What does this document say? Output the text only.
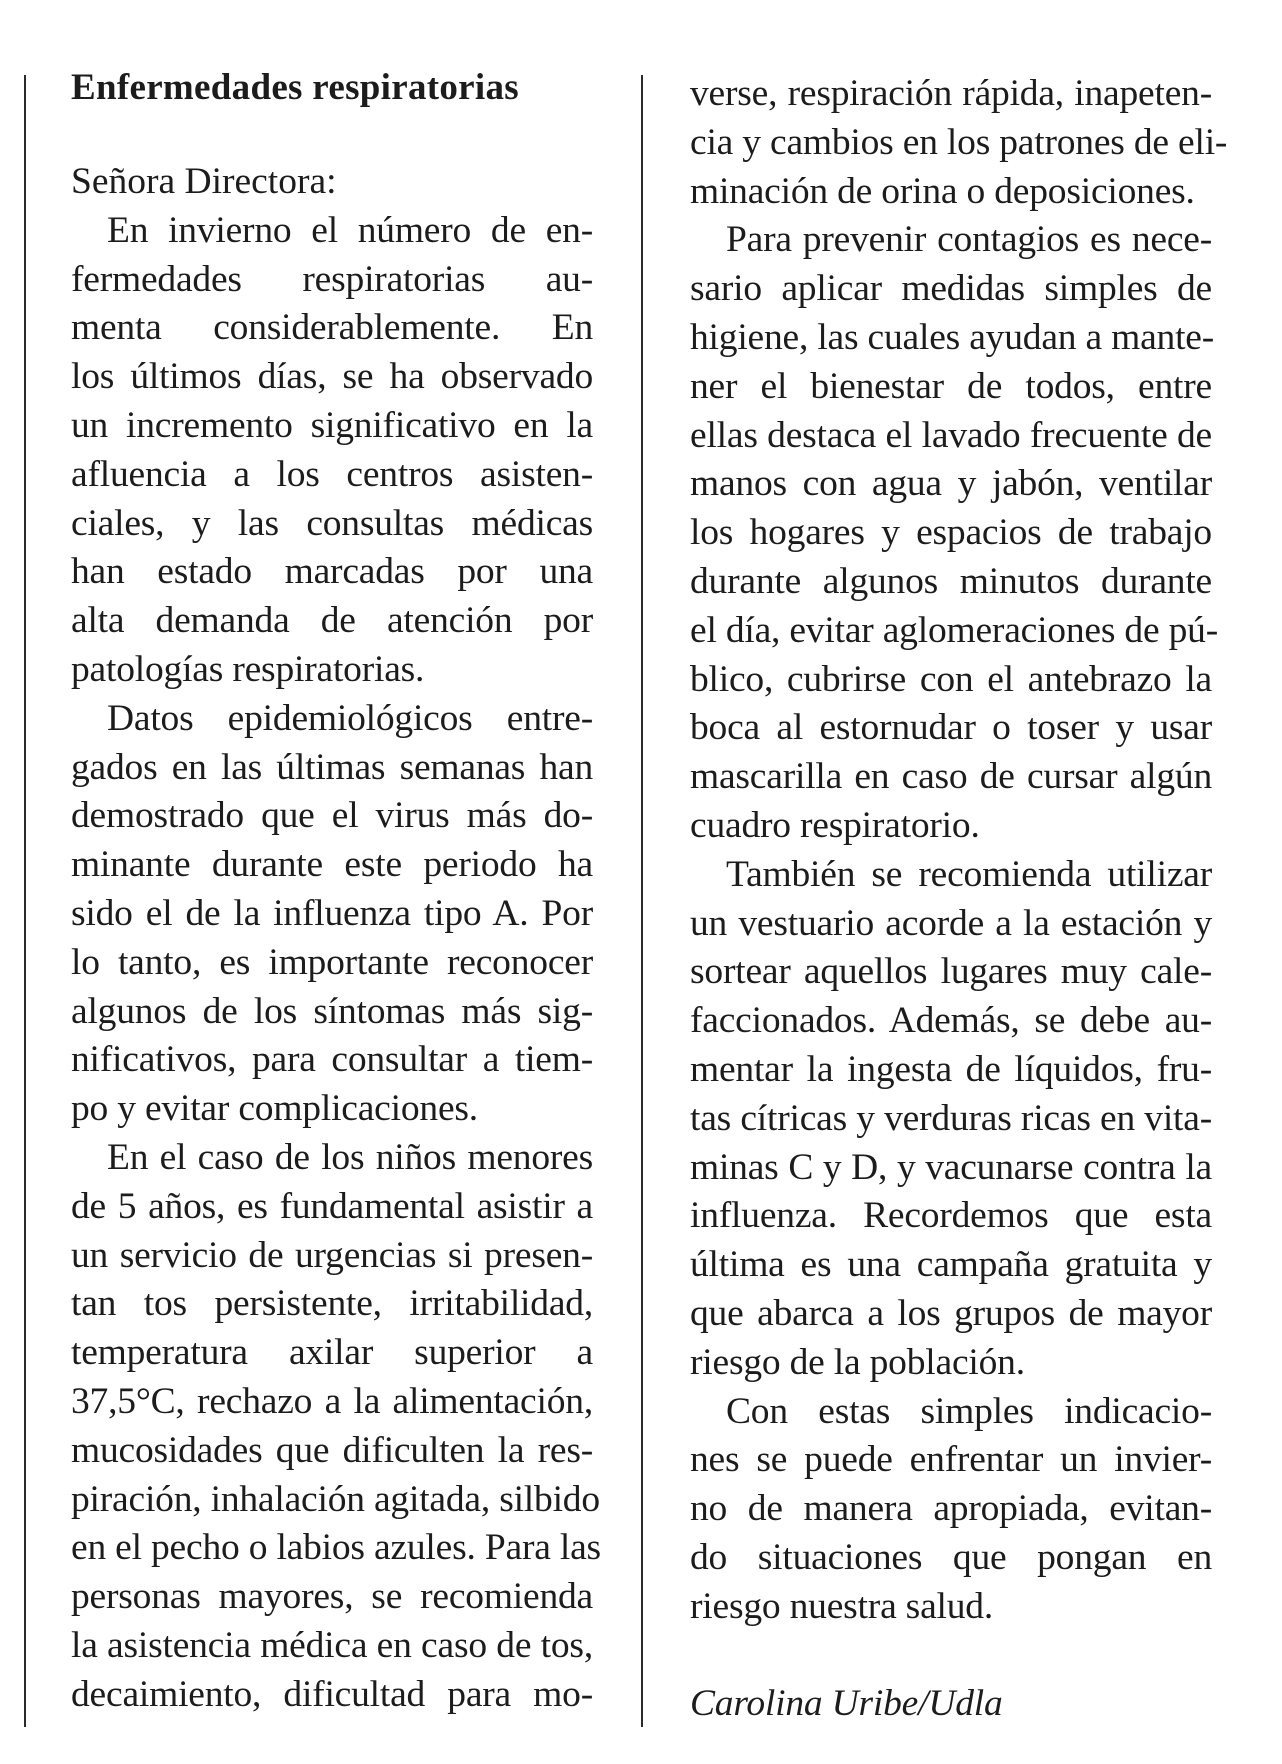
Enfermedades respiratorias
Señora Directora:
En invierno el número de en-
fermedades respiratorias au-
menta considerablemente. En
los últimos días, se ha observado
un incremento significativo en la
afluencia a los centros asisten-
ciales, y las consultas médicas
han estado marcadas por una
alta demanda de atención por
patologías respiratorias.
Datos epidemiológicos entre-
gados en las últimas semanas han
demostrado que el virus más do-
minante durante este periodo ha
sido el de la influenza tipo A. Por
lo tanto, es importante reconocer
algunos de los síntomas más sig-
nificativos, para consultar a tiem-
po y evitar complicaciones.
En el caso de los niños menores
de 5 años, es fundamental asistir a
un servicio de urgencias si presen-
tan tos persistente, irritabilidad,
temperatura axilar superior a
37,5°C, rechazo a la alimentación,
mucosidades que dificulten la res-
piración, inhalación agitada, silbido
en el pecho o labios azules. Para las
personas mayores, se recomienda
la asistencia médica en caso de tos,
decaimiento, dificultad para mo-
verse, respiración rápida, inapeten-
cia y cambios en los patrones de eli-
minación de orina o deposiciones.
Para prevenir contagios es nece-
sario aplicar medidas simples de
higiene, las cuales ayudan a mante-
ner el bienestar de todos, entre
ellas destaca el lavado frecuente de
manos con agua y jabón, ventilar
los hogares y espacios de trabajo
durante algunos minutos durante
el día, evitar aglomeraciones de pú-
blico, cubrirse con el antebrazo la
boca al estornudar o toser y usar
mascarilla en caso de cursar algún
cuadro respiratorio.
También se recomienda utilizar
un vestuario acorde a la estación y
sortear aquellos lugares muy cale-
faccionados. Además, se debe au-
mentar la ingesta de líquidos, fru-
tas cítricas y verduras ricas en vita-
minas C y D, y vacunarse contra la
influenza. Recordemos que esta
última es una campaña gratuita y
que abarca a los grupos de mayor
riesgo de la población.
Con estas simples indicacio-
nes se puede enfrentar un invier-
no de manera apropiada, evitan-
do situaciones que pongan en
riesgo nuestra salud.
Carolina Uribe/Udla
